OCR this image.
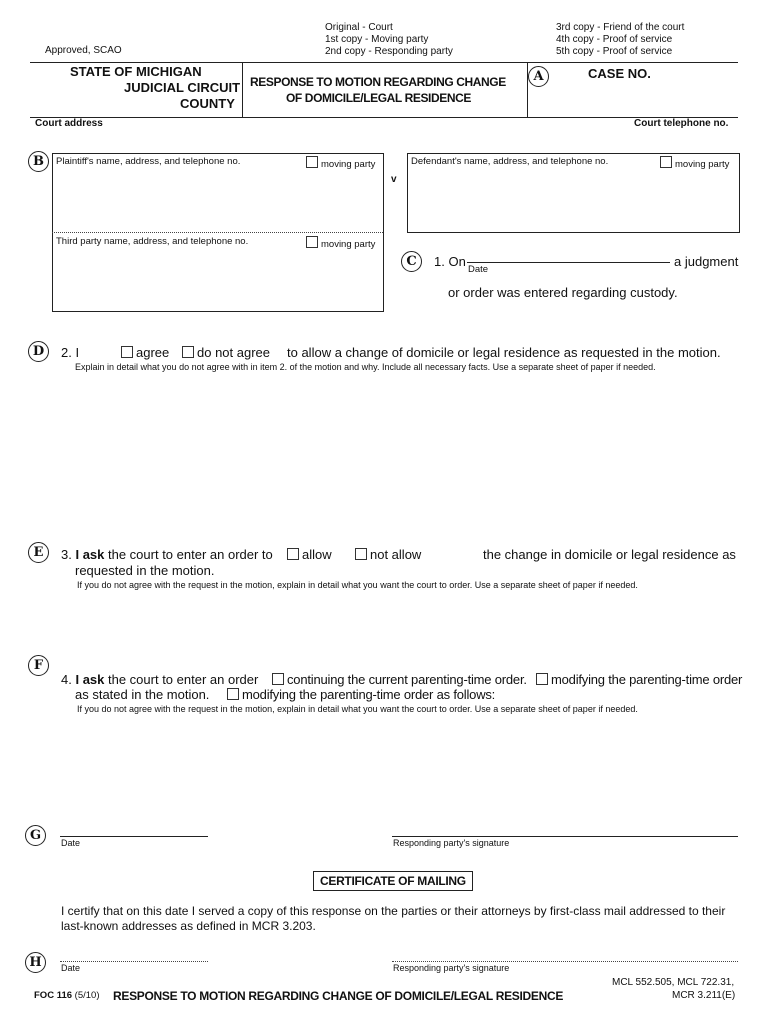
Original - Court
1st copy - Moving party
2nd copy - Responding party
3rd copy - Friend of the court
4th copy - Proof of service
5th copy - Proof of service
Approved, SCAO
STATE OF MICHIGAN
JUDICIAL CIRCUIT
COUNTY
RESPONSE TO MOTION REGARDING CHANGE
OF DOMICILE/LEGAL RESIDENCE
A	CASE NO.
Court address	Court telephone no.
B	Plaintiff's name, address, and telephone no.	moving party
Third party name, address, and telephone no.	moving party
v
Defendant's name, address, and telephone no.	moving party
C	1. On
Date
a judgment
or order was entered regarding custody.
D	2. I	agree	do not agree to allow a change of domicile or legal residence as requested in the motion.
Explain in detail what you do not agree with in item 2. of the motion and why. Include all necessary facts. Use a separate sheet of paper if needed.
E	3. I ask the court to enter an order to	allow	not allow	the change in domicile or legal residence as
requested in the motion.
If you do not agree with the request in the motion, explain in detail what you want the court to order. Use a separate sheet of paper if needed.
F
4. I ask the court to enter an order	continuing the current parenting-time order.	modifying the parenting-time order
as stated in the motion.	modifying the parenting-time order as follows:
If you do not agree with the request in the motion, explain in detail what you want the court to order. Use a separate sheet of paper if needed.
G	Date	Responding party's signature
CERTIFICATE OF MAILING
I certify that on this date I served a copy of this response on the parties or their attorneys by first-class mail addressed to their
last-known addresses as defined in MCR 3.203.
H	Date	Responding party's signature
FOC 116 (5/10) RESPONSE TO MOTION REGARDING CHANGE OF DOMICILE/LEGAL RESIDENCE
MCL 552.505, MCL 722.31,
MCR 3.211(E)
